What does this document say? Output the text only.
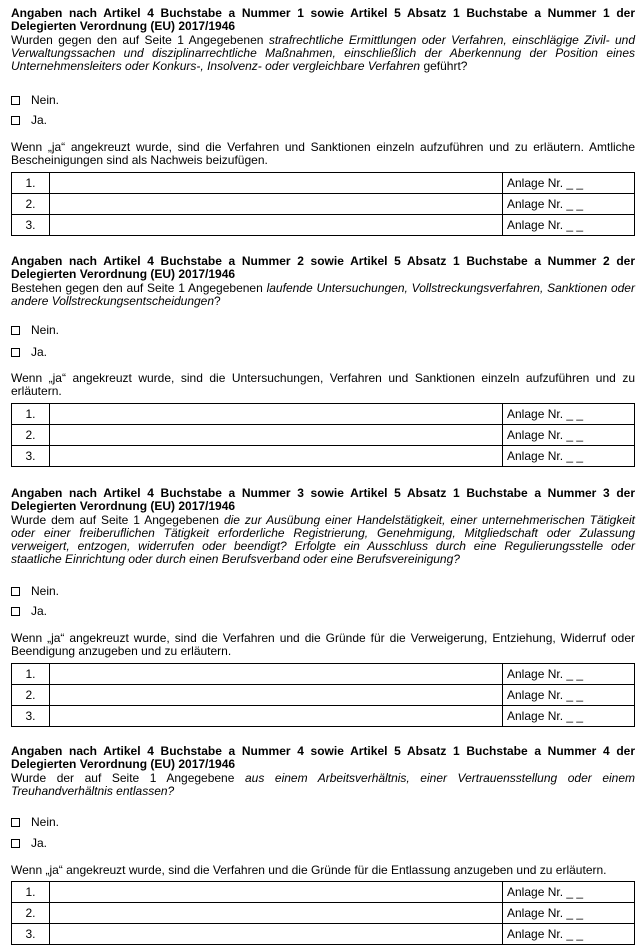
Angaben nach Artikel 4 Buchstabe a Nummer 1 sowie Artikel 5 Absatz 1 Buchstabe a Nummer 1 der Delegierten Verordnung (EU) 2017/1946
Wurden gegen den auf Seite 1 Angegebenen strafrechtliche Ermittlungen oder Verfahren, einschlägige Zivil- und Verwaltungssachen und disziplinarrechtliche Maßnahmen, einschließlich der Aberkennung der Position eines Unternehmensleiters oder Konkurs-, Insolvenz- oder vergleichbare Verfahren geführt?
Nein.
Ja.
Wenn „ja“ angekreuzt wurde, sind die Verfahren und Sanktionen einzeln aufzuführen und zu erläutern. Amtliche Bescheinigungen sind als Nachweis beizufügen.
1.		Anlage Nr. _ _
2.		Anlage Nr. _ _
3.		Anlage Nr. _ _
Angaben nach Artikel 4 Buchstabe a Nummer 2 sowie Artikel 5 Absatz 1 Buchstabe a Nummer 2 der Delegierten Verordnung (EU) 2017/1946
Bestehen gegen den auf Seite 1 Angegebenen laufende Untersuchungen, Vollstreckungsverfahren, Sanktionen oder andere Vollstreckungsentscheidungen?
Nein.
Ja.
Wenn „ja“ angekreuzt wurde, sind die Untersuchungen, Verfahren und Sanktionen einzeln aufzuführen und zu erläutern.
1.		Anlage Nr. _ _
2.		Anlage Nr. _ _
3.		Anlage Nr. _ _
Angaben nach Artikel 4 Buchstabe a Nummer 3 sowie Artikel 5 Absatz 1 Buchstabe a Nummer 3 der Delegierten Verordnung (EU) 2017/1946
Wurde dem auf Seite 1 Angegebenen die zur Ausübung einer Handelstätigkeit, einer unternehmerischen Tätigkeit oder einer freiberuflichen Tätigkeit erforderliche Registrierung, Genehmigung, Mitgliedschaft oder Zulassung verweigert, entzogen, widerrufen oder beendigt? Erfolgte ein Ausschluss durch eine Regulierungsstelle oder staatliche Einrichtung oder durch einen Berufsverband oder eine Berufsvereinigung?
Nein.
Ja.
Wenn „ja“ angekreuzt wurde, sind die Verfahren und die Gründe für die Verweigerung, Entziehung, Widerruf oder Beendigung anzugeben und zu erläutern.
1.		Anlage Nr. _ _
2.		Anlage Nr. _ _
3.		Anlage Nr. _ _
Angaben nach Artikel 4 Buchstabe a Nummer 4 sowie Artikel 5 Absatz 1 Buchstabe a Nummer 4 der Delegierten Verordnung (EU) 2017/1946
Wurde der auf Seite 1 Angegebene aus einem Arbeitsverhältnis, einer Vertrauensstellung oder einem Treuhandverhältnis entlassen?
Nein.
Ja.
Wenn „ja“ angekreuzt wurde, sind die Verfahren und die Gründe für die Entlassung anzugeben und zu erläutern.
1.		Anlage Nr. _ _
2.		Anlage Nr. _ _
3.		Anlage Nr. _ _
